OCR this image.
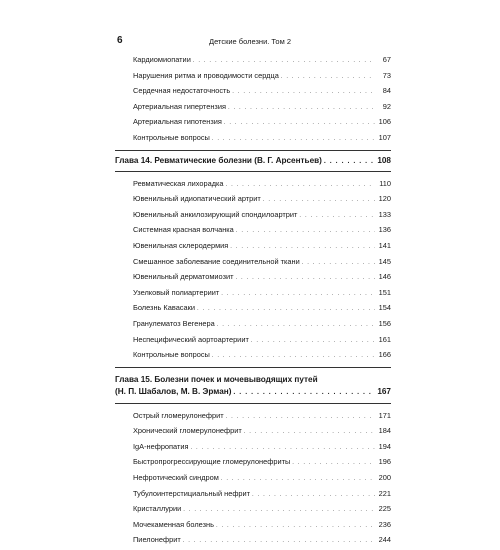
6	Детские болезни. Том 2
Кардиомиопатии . . .	67
Нарушения ритма и проводимости сердца . . .	73
Сердечная недостаточность . . .	84
Артериальная гипертензия . . .	92
Артериальная гипотензия . . .	106
Контрольные вопросы . . .	107
Глава 14. Ревматические болезни (В. Г. Арсентьев) . . .	108
Ревматическая лихорадка . . .	110
Ювенильный идиопатический артрит . . .	120
Ювенильный анкилозирующий спондилоартрит . . .	133
Системная красная волчанка . . .	136
Ювенильная склеродермия . . .	141
Смешанное заболевание соединительной ткани . . .	145
Ювенильный дерматомиозит . . .	146
Узелковый полиартериит . . .	151
Болезнь Кавасаки . . .	154
Гранулематоз Вегенера . . .	156
Неспецифический аортоартериит . . .	161
Контрольные вопросы . . .	166
Глава 15. Болезни почек и мочевыводящих путей
(Н. П. Шабалов, М. В. Эрман) . . .	167
Острый гломерулонефрит . . .	171
Хронический гломерулонефрит . . .	184
IgA-нефропатия . . .	194
Быстропрогрессирующие гломерулонефриты . . .	196
Нефротический синдром . . .	200
Тубулоинтерстициальный нефрит . . .	221
Кристаллурии . . .	225
Мочекаменная болезнь . . .	236
Пиелонефрит . . .	244
